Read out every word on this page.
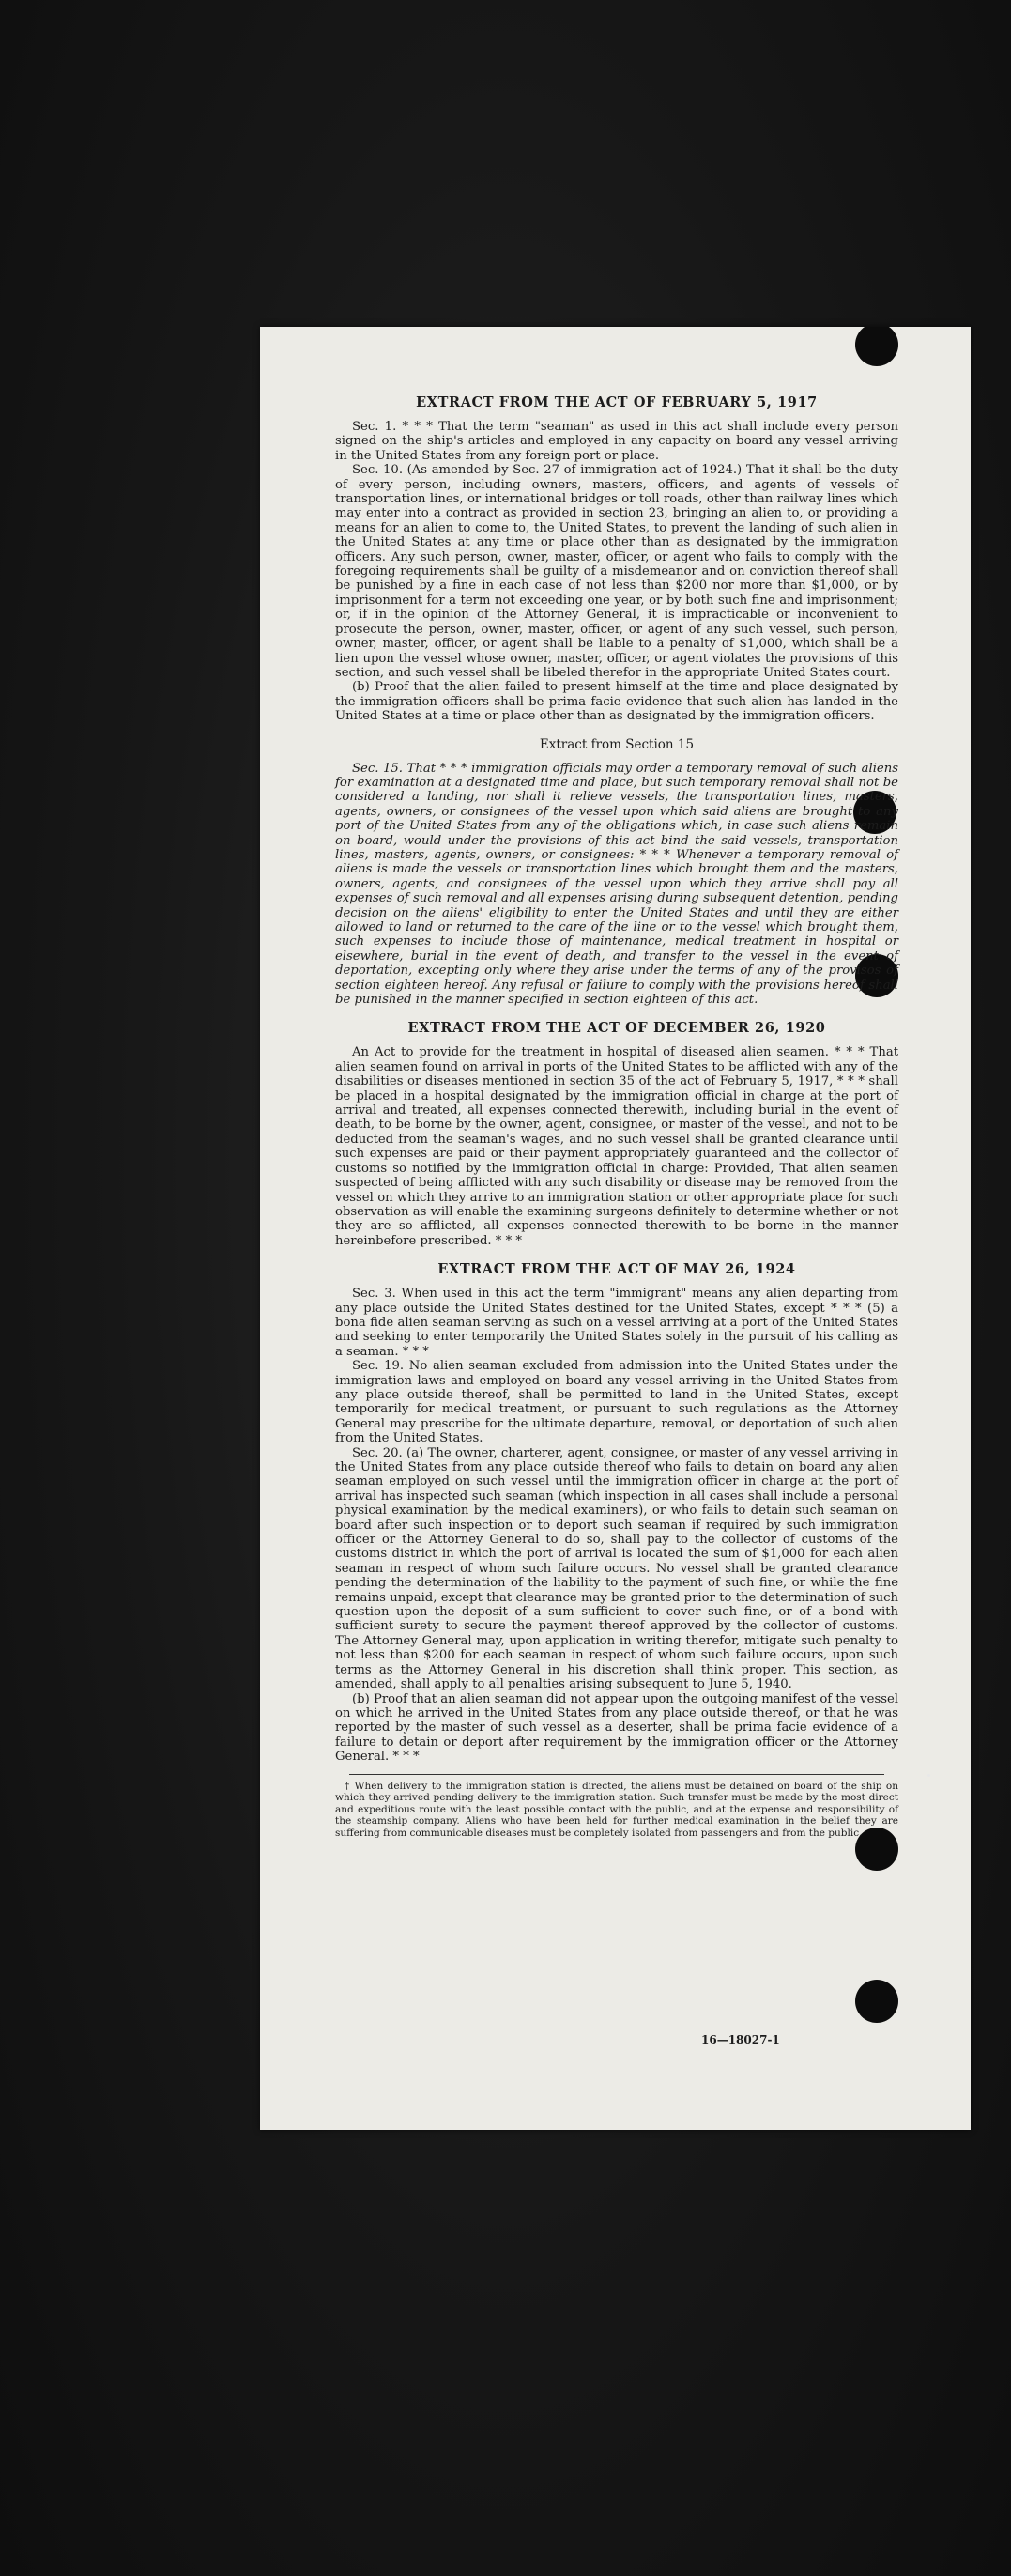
EXTRACT FROM THE ACT OF FEBRUARY 5, 1917

Sec. 1. * * * That the term "seaman" as used in this act shall include every person signed on the ship's articles and employed in any capacity on board any vessel arriving in the United States from any foreign port or place.

Sec. 10. (As amended by Sec. 27 of immigration act of 1924.) That it shall be the duty of every person, including owners, masters, officers, and agents of vessels of transportation lines, or international bridges or toll roads, other than railway lines which may enter into a contract as provided in section 23, bringing an alien to, or providing a means for an alien to come to, the United States, to prevent the landing of such alien in the United States at any time or place other than as designated by the immigration officers. Any such person, owner, master, officer, or agent who fails to comply with the foregoing requirements shall be guilty of a misdemeanor and on conviction thereof shall be punished by a fine in each case of not less than $200 nor more than $1,000, or by imprisonment for a term not exceeding one year, or by both such fine and imprisonment; or, if in the opinion of the Attorney General, it is impracticable or inconvenient to prosecute the person, owner, master, officer, or agent of any such vessel, such person, owner, master, officer, or agent shall be liable to a penalty of $1,000, which shall be a lien upon the vessel whose owner, master, officer, or agent violates the provisions of this section, and such vessel shall be libeled therefor in the appropriate United States court.

(b) Proof that the alien failed to present himself at the time and place designated by the immigration officers shall be prima facie evidence that such alien has landed in the United States at a time or place other than as designated by the immigration officers.

Extract from Section 15

Sec. 15. That * * * immigration officials may order a temporary removal of such aliens for examination at a designated time and place, but such temporary removal shall not be considered a landing, nor shall it relieve vessels, the transportation lines, masters, agents, owners, or consignees of the vessel upon which said aliens are brought to any port of the United States from any of the obligations which, in case such aliens remain on board, would under the provisions of this act bind the said vessels, transportation lines, masters, agents, owners, or consignees: * * * Whenever a temporary removal of aliens is made the vessels or transportation lines which brought them and the masters, owners, agents, and consignees of the vessel upon which they arrive shall pay all expenses of such removal and all expenses arising during subsequent detention, pending decision on the aliens' eligibility to enter the United States and until they are either allowed to land or returned to the care of the line or to the vessel which brought them, such expenses to include those of maintenance, medical treatment in hospital or elsewhere, burial in the event of death, and transfer to the vessel in the event of deportation, excepting only where they arise under the terms of any of the provisos of section eighteen hereof. Any refusal or failure to comply with the provisions hereof shall be punished in the manner specified in section eighteen of this act.

EXTRACT FROM THE ACT OF DECEMBER 26, 1920

An Act to provide for the treatment in hospital of diseased alien seamen. * * * That alien seamen found on arrival in ports of the United States to be afflicted with any of the disabilities or diseases mentioned in section 35 of the act of February 5, 1917, * * * shall be placed in a hospital designated by the immigration official in charge at the port of arrival and treated, all expenses connected therewith, including burial in the event of death, to be borne by the owner, agent, consignee, or master of the vessel, and not to be deducted from the seaman's wages, and no such vessel shall be granted clearance until such expenses are paid or their payment appropriately guaranteed and the collector of customs so notified by the immigration official in charge: Provided, That alien seamen suspected of being afflicted with any such disability or disease may be removed from the vessel on which they arrive to an immigration station or other appropriate place for such observation as will enable the examining surgeons definitely to determine whether or not they are so afflicted, all expenses connected therewith to be borne in the manner hereinbefore prescribed. * * *

EXTRACT FROM THE ACT OF MAY 26, 1924

Sec. 3. When used in this act the term "immigrant" means any alien departing from any place outside the United States destined for the United States, except * * * (5) a bona fide alien seaman serving as such on a vessel arriving at a port of the United States and seeking to enter temporarily the United States solely in the pursuit of his calling as a seaman. * * *

Sec. 19. No alien seaman excluded from admission into the United States under the immigration laws and employed on board any vessel arriving in the United States from any place outside thereof, shall be permitted to land in the United States, except temporarily for medical treatment, or pursuant to such regulations as the Attorney General may prescribe for the ultimate departure, removal, or deportation of such alien from the United States.

Sec. 20. (a) The owner, charterer, agent, consignee, or master of any vessel arriving in the United States from any place outside thereof who fails to detain on board any alien seaman employed on such vessel until the immigration officer in charge at the port of arrival has inspected such seaman (which inspection in all cases shall include a personal physical examination by the medical examiners), or who fails to detain such seaman on board after such inspection or to deport such seaman if required by such immigration officer or the Attorney General to do so, shall pay to the collector of customs of the customs district in which the port of arrival is located the sum of $1,000 for each alien seaman in respect of whom such failure occurs. No vessel shall be granted clearance pending the determination of the liability to the payment of such fine, or while the fine remains unpaid, except that clearance may be granted prior to the determination of such question upon the deposit of a sum sufficient to cover such fine, or of a bond with sufficient surety to secure the payment thereof approved by the collector of customs. The Attorney General may, upon application in writing therefor, mitigate such penalty to not less than $200 for each seaman in respect of whom such failure occurs, upon such terms as the Attorney General in his discretion shall think proper. This section, as amended, shall apply to all penalties arising subsequent to June 5, 1940.

(b) Proof that an alien seaman did not appear upon the outgoing manifest of the vessel on which he arrived in the United States from any place outside thereof, or that he was reported by the master of such vessel as a deserter, shall be prima facie evidence of a failure to detain or deport after requirement by the immigration officer or the Attorney General. * * *

† When delivery to the immigration station is directed, the aliens must be detained on board of the ship on which they arrived pending delivery to the immigration station. Such transfer must be made by the most direct and expeditious route with the least possible contact with the public, and at the expense and responsibility of the steamship company. Aliens who have been held for further medical examination in the belief they are suffering from communicable diseases must be completely isolated from passengers and from the public.

16—18027-1
